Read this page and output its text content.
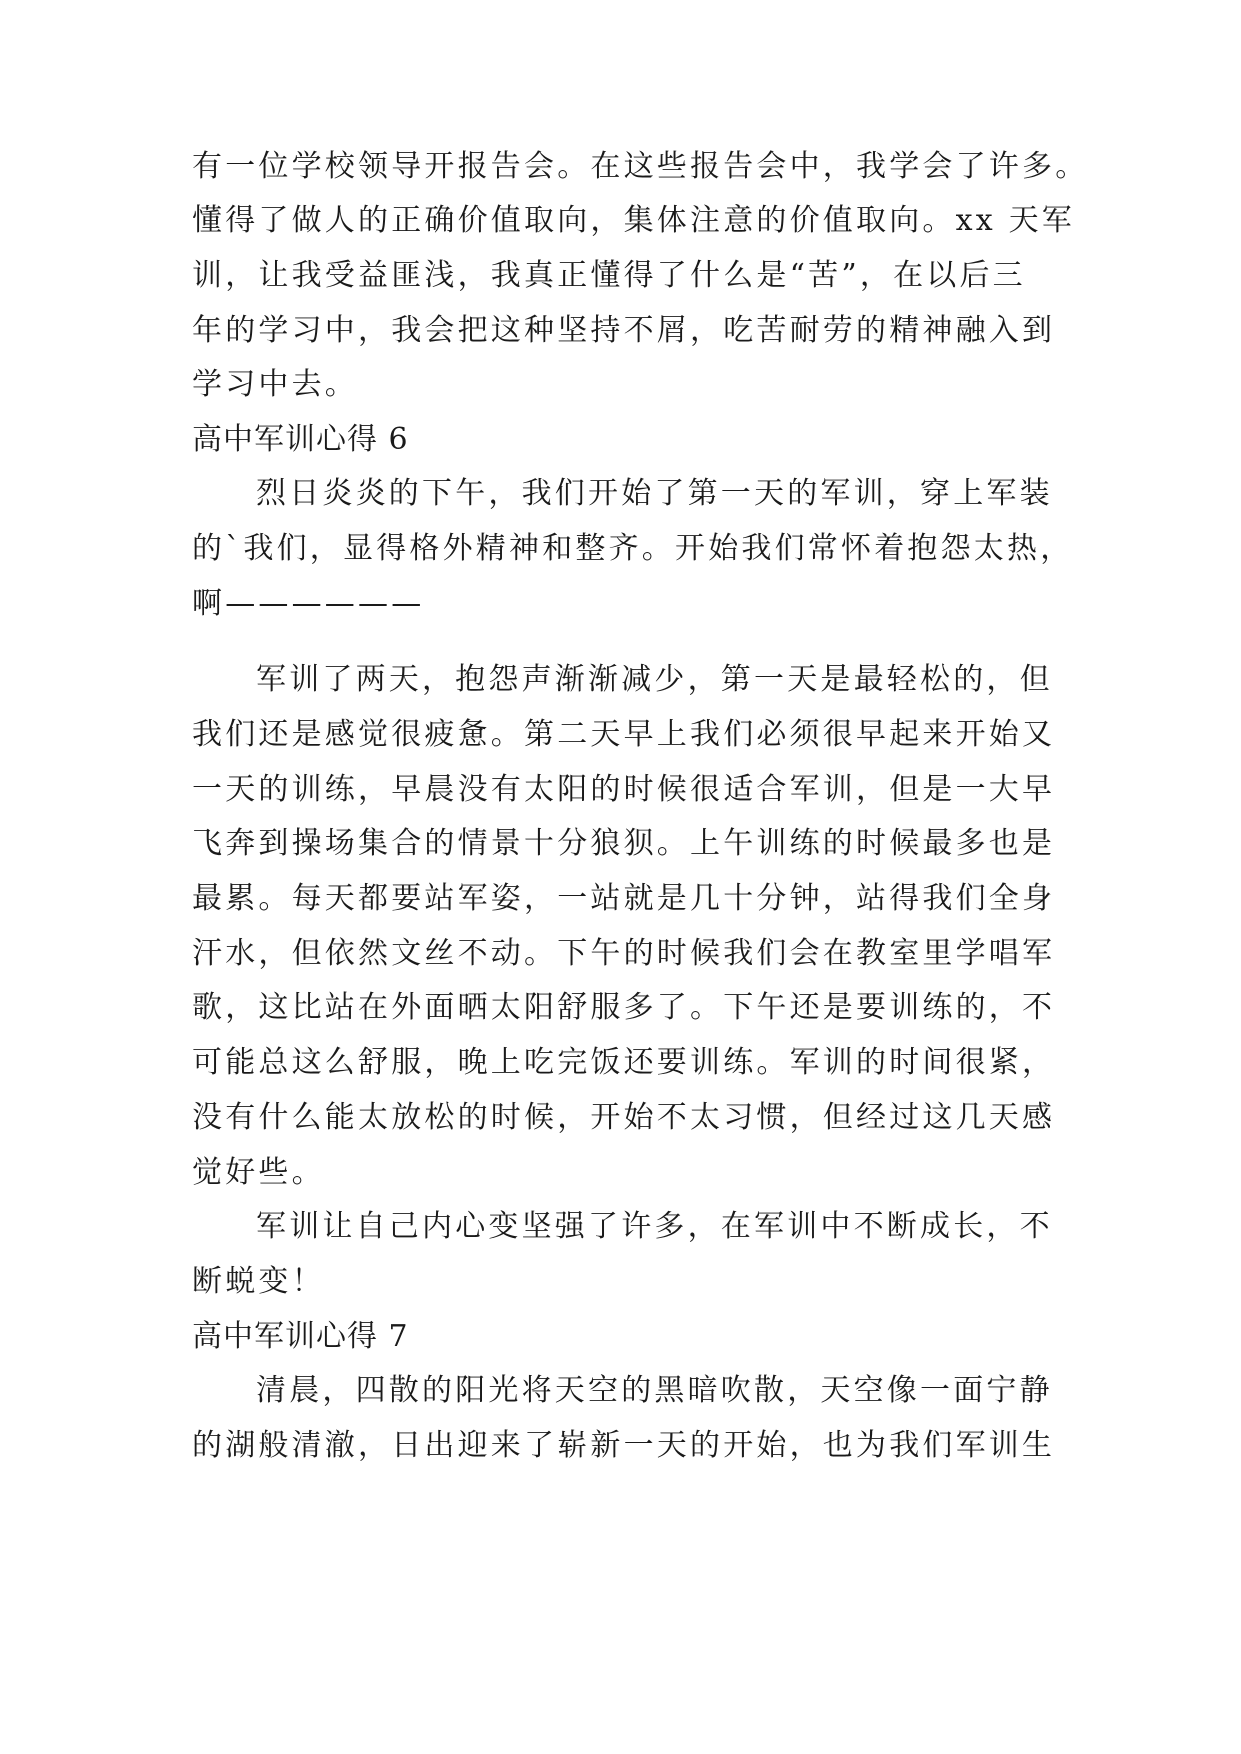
有一位学校领导开报告会。在这些报告会中，我学会了许多。
懂得了做人的正确价值取向，集体注意的价值取向。xx 天军
训，让我受益匪浅，我真正懂得了什么是“苦”，在以后三
年的学习中，我会把这种坚持不屑，吃苦耐劳的精神融入到
学习中去。
高中军训心得 6
烈日炎炎的下午，我们开始了第一天的军训，穿上军装
的`我们，显得格外精神和整齐。开始我们常怀着抱怨太热，
啊——————
军训了两天，抱怨声渐渐减少，第一天是最轻松的，但
我们还是感觉很疲惫。第二天早上我们必须很早起来开始又
一天的训练，早晨没有太阳的时候很适合军训，但是一大早
飞奔到操场集合的情景十分狼狈。上午训练的时候最多也是
最累。每天都要站军姿，一站就是几十分钟，站得我们全身
汗水，但依然文丝不动。下午的时候我们会在教室里学唱军
歌，这比站在外面晒太阳舒服多了。下午还是要训练的，不
可能总这么舒服，晚上吃完饭还要训练。军训的时间很紧，
没有什么能太放松的时候，开始不太习惯，但经过这几天感
觉好些。
军训让自己内心变坚强了许多，在军训中不断成长，不
断蜕变！
高中军训心得 7
清晨，四散的阳光将天空的黑暗吹散，天空像一面宁静
的湖般清澈，日出迎来了崭新一天的开始，也为我们军训生
